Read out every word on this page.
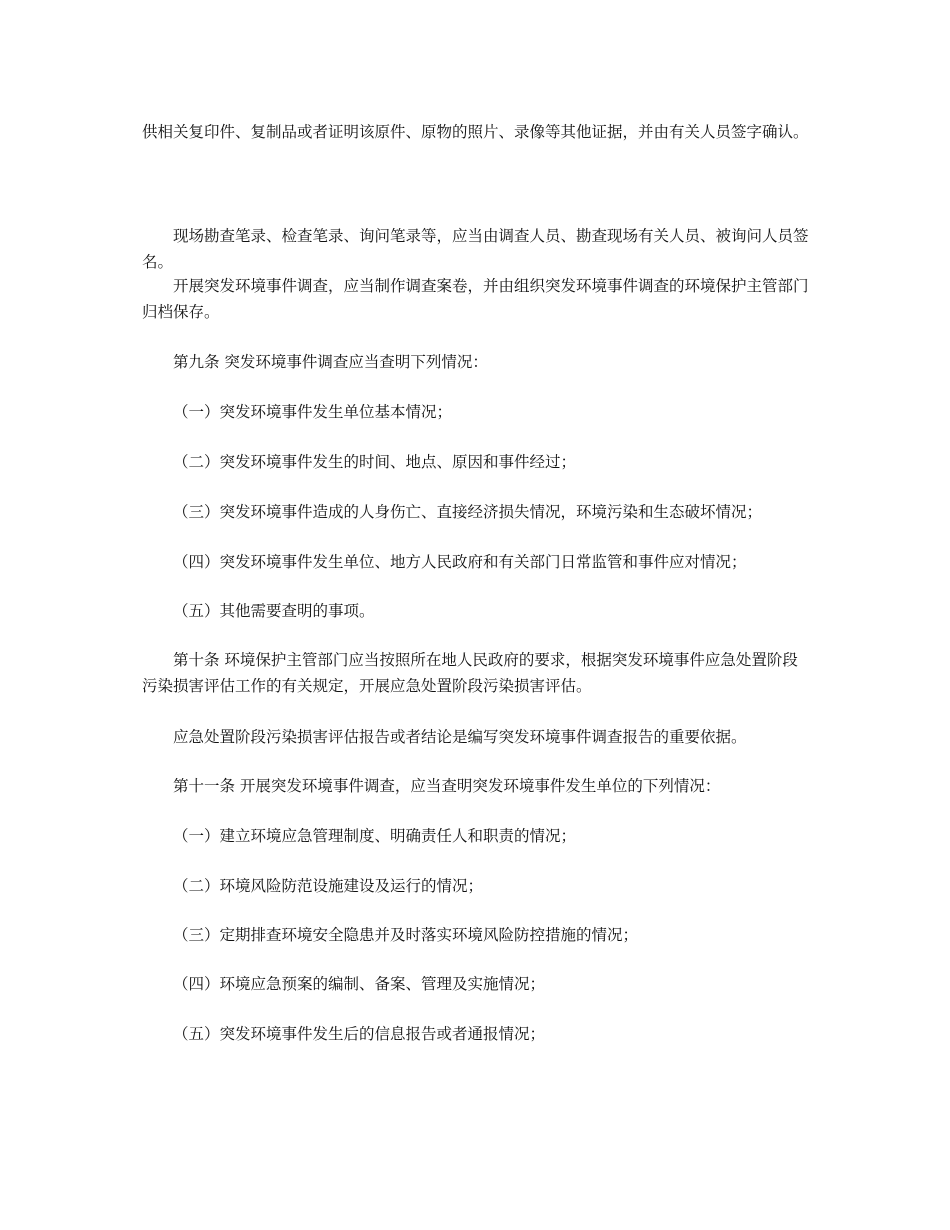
供相关复印件、复制品或者证明该原件、原物的照片、录像等其他证据，并由有关人员签字确认。

现场勘查笔录、检查笔录、询问笔录等，应当由调查人员、勘查现场有关人员、被询问人员签名。

开展突发环境事件调查，应当制作调查案卷，并由组织突发环境事件调查的环境保护主管部门归档保存。

第九条 突发环境事件调查应当查明下列情况：

（一）突发环境事件发生单位基本情况；

（二）突发环境事件发生的时间、地点、原因和事件经过；

（三）突发环境事件造成的人身伤亡、直接经济损失情况，环境污染和生态破坏情况；

（四）突发环境事件发生单位、地方人民政府和有关部门日常监管和事件应对情况；

（五）其他需要查明的事项。

第十条 环境保护主管部门应当按照所在地人民政府的要求，根据突发环境事件应急处置阶段污染损害评估工作的有关规定，开展应急处置阶段污染损害评估。

应急处置阶段污染损害评估报告或者结论是编写突发环境事件调查报告的重要依据。

第十一条 开展突发环境事件调查，应当查明突发环境事件发生单位的下列情况：

（一）建立环境应急管理制度、明确责任人和职责的情况；

（二）环境风险防范设施建设及运行的情况；

（三）定期排查环境安全隐患并及时落实环境风险防控措施的情况；

（四）环境应急预案的编制、备案、管理及实施情况；

（五）突发环境事件发生后的信息报告或者通报情况；
